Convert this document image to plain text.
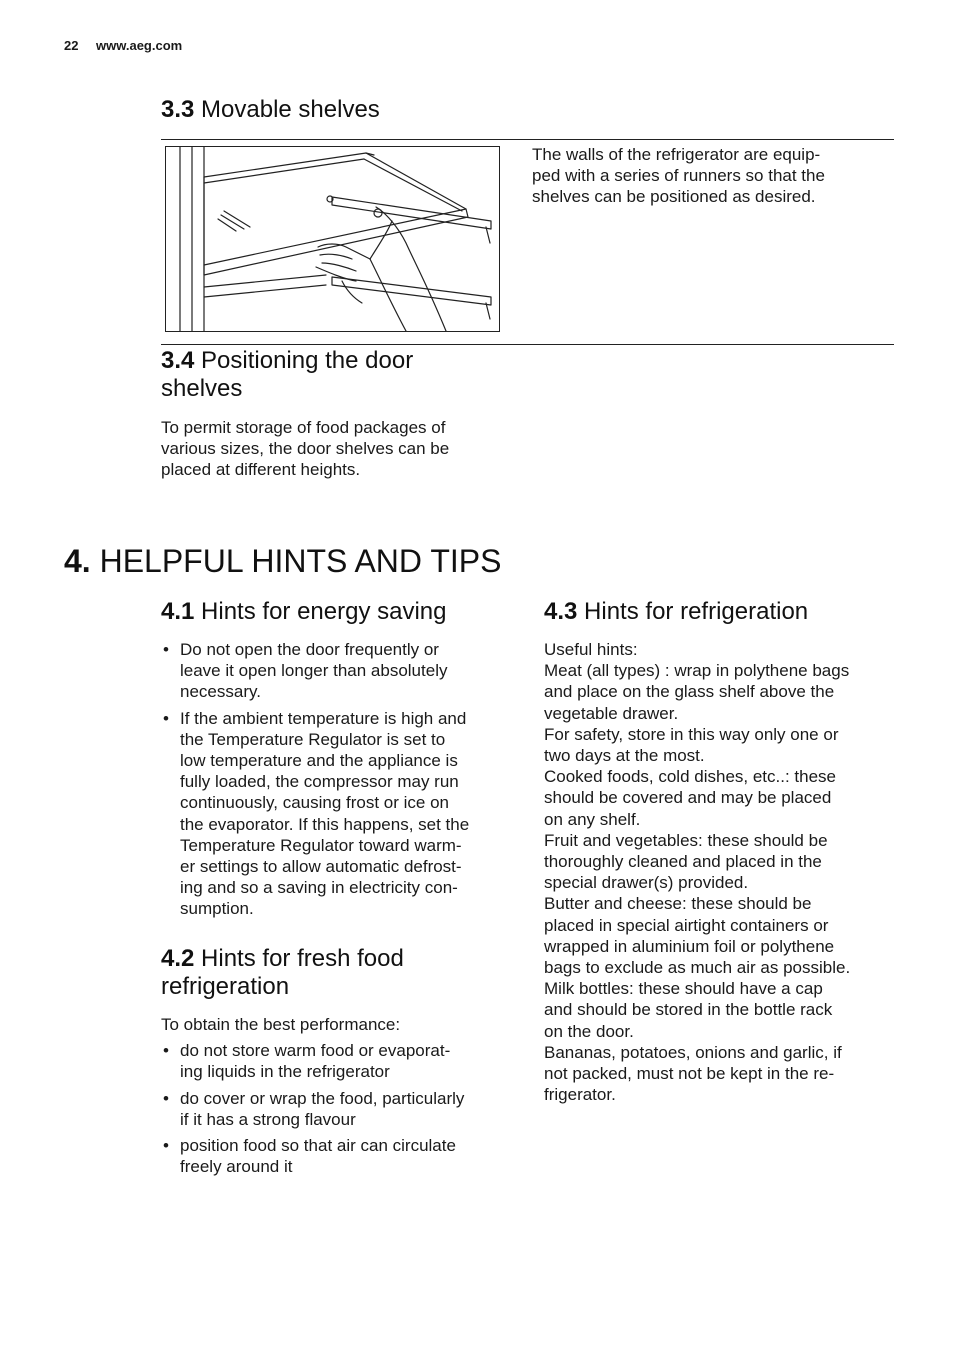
22 www.aeg.com
3.3 Movable shelves

The walls of the refrigerator are equip-

ped with a series of runners so that the

shelves can be positioned as desired.

3.4 Positioning the door
shelves

To permit storage of food packages of

various sizes, the door shelves can be

placed at different heights.

4. HELPFUL HINTS AND TIPS
4.1 Hints for energy saving
• Do not open the door frequently or
leave it open longer than absolutely
necessary.
• If the ambient temperature is high and
the Temperature Regulator is set to
low temperature and the appliance is
fully loaded, the compressor may run
continuously, causing frost or ice on
the evaporator. If this happens, set the
Temperature Regulator toward warm-
er settings to allow automatic defrost-
ing and so a saving in electricity con-
sumption.
4.2 Hints for fresh food
refrigeration

To obtain the best performance:

• do not store warm food or evaporat-
ing liquids in the refrigerator
• do cover or wrap the food, particularly
if it has a strong flavour
• position food so that air can circulate
freely around it
4.3 Hints for refrigeration

Useful hints:

Meat (all types) : wrap in polythene bags

and place on the glass shelf above the

vegetable drawer.

For safety, store in this way only one or

two days at the most.

Cooked foods, cold dishes, etc..: these

should be covered and may be placed

on any shelf.

Fruit and vegetables: these should be

thoroughly cleaned and placed in the

special drawer(s) provided.

Butter and cheese: these should be

placed in special airtight containers or

wrapped in aluminium foil or polythene

bags to exclude as much air as possible.

Milk bottles: these should have a cap

and should be stored in the bottle rack

on the door.

Bananas, potatoes, onions and garlic, if

not packed, must not be kept in the re-

frigerator.
